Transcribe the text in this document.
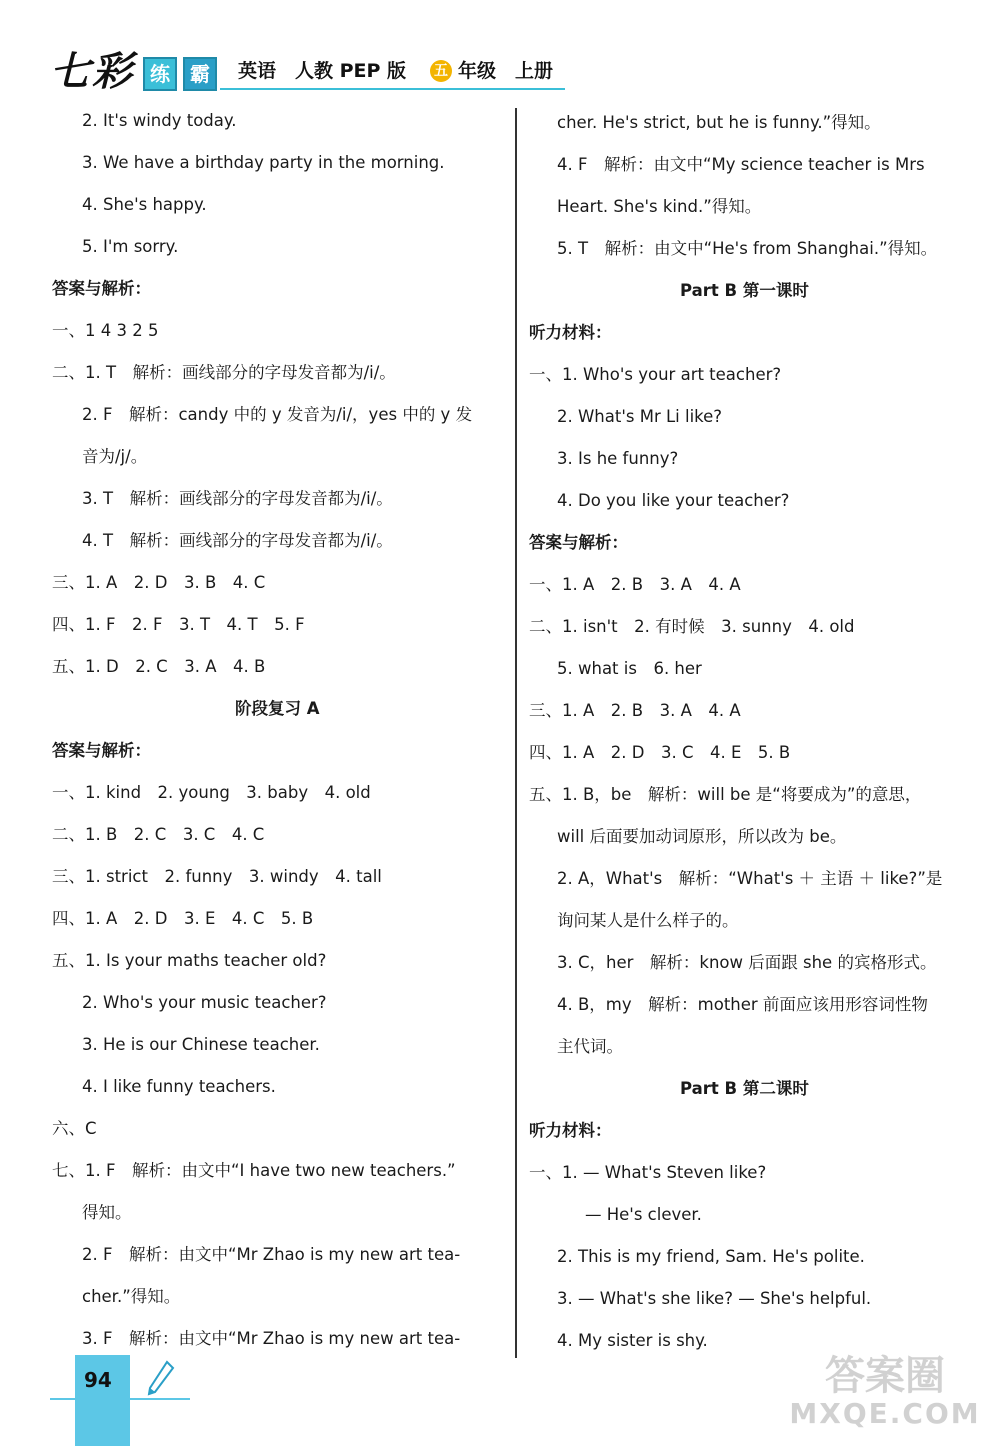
七彩 练	霸	英语　人教 PEP 版 五 年级　上册
2. It's windy today.
3. We have a birthday party in the morning.
4. She's happy.
5. I'm sorry.
答案与解析：
一、1 4 3 2 5
二、1. T　解析：画线部分的字母发音都为/i/。
2. F　解析：candy 中的 y 发音为/i/，yes 中的 y 发
音为/j/。
3. T　解析：画线部分的字母发音都为/i/。
4. T　解析：画线部分的字母发音都为/i/。
三、1. A　2. D　3. B　4. C
四、1. F　2. F　3. T　4. T　5. F
五、1. D　2. C　3. A　4. B
阶段复习 A
答案与解析：
一、1. kind　2. young　3. baby　4. old
二、1. B　2. C　3. C　4. C
三、1. strict　2. funny　3. windy　4. tall
四、1. A　2. D　3. E　4. C　5. B
五、1. Is your maths teacher old?
2. Who's your music teacher?
3. He is our Chinese teacher.
4. I like funny teachers.
六、C
七、1. F　解析：由文中“I have two new teachers.”
得知。
2. F　解析：由文中“Mr Zhao is my new art tea-
cher.”得知。
3. F　解析：由文中“Mr Zhao is my new art tea-
cher. He's strict, but he is funny.”得知。
4. F　解析：由文中“My science teacher is Mrs
Heart. She's kind.”得知。
5. T　解析：由文中“He's from Shanghai.”得知。
Part B 第一课时
听力材料：
一、1. Who's your art teacher?
2. What's Mr Li like?
3. Is he funny?
4. Do you like your teacher?
答案与解析：
一、1. A　2. B　3. A　4. A
二、1. isn't　2. 有时候　3. sunny　4. old
5. what is　6. her
三、1. A　2. B　3. A　4. A
四、1. A　2. D　3. C　4. E　5. B
五、1. B，be　解析：will be 是“将要成为”的意思，
will 后面要加动词原形，所以改为 be。
2. A，What's　解析：“What's ＋ 主语 ＋ like?”是
询问某人是什么样子的。
3. C，her　解析：know 后面跟 she 的宾格形式。
4. B，my　解析：mother 前面应该用形容词性物
主代词。
Part B 第二课时
听力材料：
一、1. — What's Steven like?
— He's clever.
2. This is my friend, Sam. He's polite.
3. — What's she like? — She's helpful.
4. My sister is shy.
94	答案圈
MXQE.COM
